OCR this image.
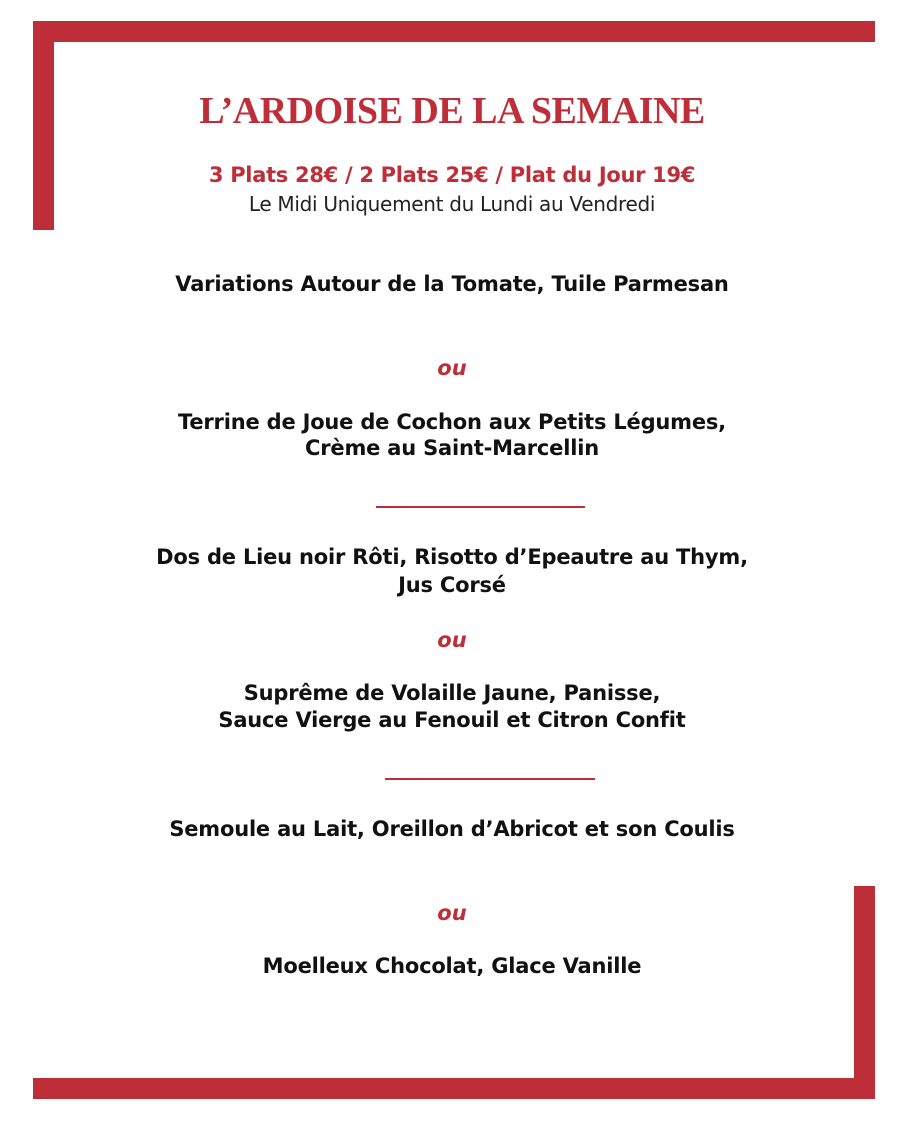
L’ARDOISE DE LA SEMAINE
3 Plats 28€ / 2 Plats 25€ / Plat du Jour 19€
Le Midi Uniquement du Lundi au Vendredi
Variations Autour de la Tomate, Tuile Parmesan
ou
Terrine de Joue de Cochon aux Petits Légumes,
Crème au Saint-Marcellin
Dos de Lieu noir Rôti, Risotto d’Epeautre au Thym,
Jus Corsé
ou
Suprême de Volaille Jaune, Panisse,
Sauce Vierge au Fenouil et Citron Confit
Semoule au Lait, Oreillon d’Abricot et son Coulis
ou
Moelleux Chocolat, Glace Vanille
